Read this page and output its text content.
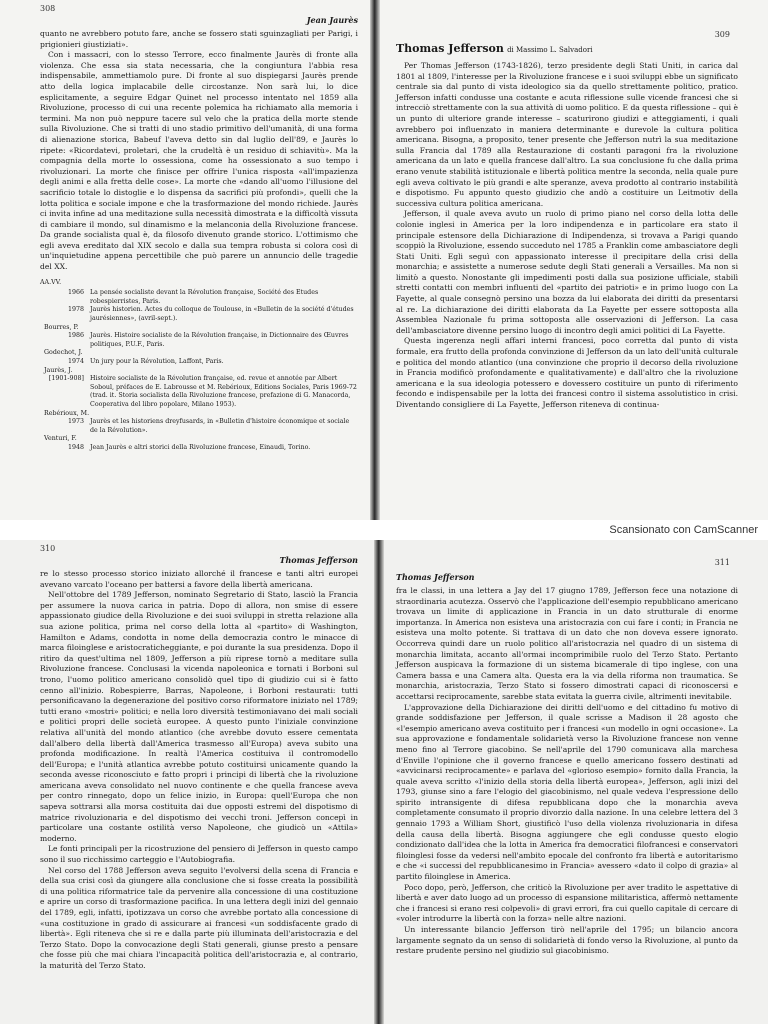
308
Jean Jaurès

quanto ne avrebbero potuto fare, anche se fossero stati sguinzagliati per Parigi, i prigionieri giustiziati».

Con i massacri, con lo stesso Terrore, ecco finalmente Jaurès di fronte alla violenza. Che essa sia stata necessaria, che la congiuntura l'abbia resa indispensabile, ammettiamolo pure. Di fronte al suo dispiegarsi Jaurès prende atto della logica implacabile delle circostanze. Non sarà lui, lo dice esplicitamente, a seguire Edgar Quinet nel processo intentato nel 1859 alla Rivoluzione, processo di cui una recente polemica ha richiamato alla memoria i termini. Ma non può neppure tacere sul velo che la pratica della morte stende sulla Rivoluzione. Che si tratti di uno stadio primitivo dell'umanità, di una forma di alienazione storica, Babeuf l'aveva detto sin dal luglio dell'89, e Jaurès lo ripete: «Ricordatevi, proletari, che la crudeltà è un residuo di schiavitù». Ma la compagnia della morte lo ossessiona, come ha ossessionato a suo tempo i rivoluzionari. La morte che finisce per offrire l'unica risposta «all'impazienza degli animi e alla fretta delle cose». La morte che «dando all'uomo l'illusione del sacrificio totale lo distoglie e lo dispensa da sacrifici più profondi», quelli che la lotta politica e sociale impone e che la trasformazione del mondo richiede. Jaurès ci invita infine ad una meditazione sulla necessità dimostrata e la difficoltà vissuta di cambiare il mondo, sul dinamismo e la melanconia della Rivoluzione francese. Da grande socialista qual è, da filosofo divenuto grande storico. L'ottimismo che egli aveva ereditato dal XIX secolo e dalla sua tempra robusta si colora così di un'inquietudine appena percettibile che può parere un annuncio delle tragedie del XX.

AA.VV.
1966 La pensée socialiste devant la Révolution française, Société des Etudes robespierristes, Paris.
1978 Jaurès historien. Actes du colloque de Toulouse, in «Bulletin de la société d'études jaurésiennes», (avril-sept.).
Bourres, P.
1986 Jaurès. Histoire socialiste de la Révolution française, in Dictionnaire des Œuvres politiques, P.U.F., Paris.
Godechot, J.
1974 Un jury pour la Révolution, Laffont, Paris.
Jaurès, J.
[1901-908] Histoire socialiste de la Révolution française, ed. revue et annotée par Albert Soboul, préfaces de E. Labrousse et M. Rebérioux, Editions Sociales, Paris 1969-72 (trad. it. Storia socialista della Rivoluzione francese, prefazione di G. Manacorda, Cooperativa del libro popolare, Milano 1953).
Rebérioux, M.
1973 Jaurès et les historiens dreyfusards, in «Bulletin d'histoire économique et sociale de la Révolution».
Venturi, F.
1948 Jean Jaurès e altri storici della Rivoluzione francese, Einaudi, Torino.
309
Thomas Jefferson di Massimo L. Salvadori

Per Thomas Jefferson (1743-1826), terzo presidente degli Stati Uniti, in carica dal 1801 al 1809, l'interesse per la Rivoluzione francese e i suoi sviluppi ebbe un significato centrale sia dal punto di vista ideologico sia da quello strettamente politico, pratico. Jefferson infatti condusse una costante e acuta riflessione sulle vicende francesi che si intrecciò strettamente con la sua attività di uomo politico. E da questa riflessione – qui è un punto di ulteriore grande interesse – scaturirono giudizi e atteggiamenti, i quali avrebbero poi influenzato in maniera determinante e durevole la cultura politica americana. Bisogna, a proposito, tener presente che Jefferson nutrì la sua meditazione sulla Francia dal 1789 alla Restaurazione di costanti paragoni fra la rivoluzione americana da un lato e quella francese dall'altro. La sua conclusione fu che dalla prima erano venute stabilità istituzionale e libertà politica mentre la seconda, nella quale pure egli aveva coltivato le più grandi e alte speranze, aveva prodotto al contrario instabilità e dispotismo. Fu appunto questo giudizio che andò a costituire un Leitmotiv della successiva cultura politica americana.

Jefferson, il quale aveva avuto un ruolo di primo piano nel corso della lotta delle colonie inglesi in America per la loro indipendenza e in particolare era stato il principale estensore della Dichiarazione di Indipendenza, si trovava a Parigi quando scoppiò la Rivoluzione, essendo succeduto nel 1785 a Franklin come ambasciatore degli Stati Uniti. Egli seguì con appassionato interesse il precipitare della crisi della monarchia; e assistette a numerose sedute degli Stati generali a Versailles. Ma non si limitò a questo. Nonostante gli impedimenti posti dalla sua posizione ufficiale, stabilì stretti contatti con membri influenti del «partito dei patrioti» e in primo luogo con La Fayette, al quale consegnò persino una bozza da lui elaborata dei diritti da presentarsi al re. La dichiarazione dei diritti elaborata da La Fayette per essere sottoposta alla Assemblea Nazionale fu prima sottoposta alle osservazioni di Jefferson. La casa dell'ambasciatore divenne persino luogo di incontro degli amici politici di La Fayette.

Questa ingerenza negli affari interni francesi, poco corretta dal punto di vista formale, era frutto della profonda convinzione di Jefferson da un lato dell'unità culturale e politica del mondo atlantico (una convinzione che proprio il decorso della rivoluzione in Francia modificò profondamente e qualitativamente) e dall'altro che la rivoluzione americana e la sua ideologia potessero e dovessero costituire un punto di riferimento fecondo e indispensabile per la lotta dei francesi contro il sistema assolutistico in crisi. Diventando consigliere di La Fayette, Jefferson riteneva di continua-

Scansionato con CamScanner
310
Thomas Jefferson

re lo stesso processo storico iniziato allorché il francese e tanti altri europei avevano varcato l'oceano per battersi a favore della libertà americana.

Nell'ottobre del 1789 Jefferson, nominato Segretario di Stato, lasciò la Francia per assumere la nuova carica in patria. Dopo di allora, non smise di essere appassionato giudice della Rivoluzione e dei suoi sviluppi in stretta relazione alla sua azione politica, prima nel corso della lotta al «partito» di Washington, Hamilton e Adams, condotta in nome della democrazia contro le minacce di marca filoinglese e aristocraticheggiante, e poi durante la sua presidenza. Dopo il ritiro da quest'ultima nel 1809, Jefferson a più riprese tornò a meditare sulla Rivoluzione francese. Conclusasi la vicenda napoleonica e tornati i Borboni sul trono, l'uomo politico americano consolidò quel tipo di giudizio cui si è fatto cenno all'inizio. Robespierre, Barras, Napoleone, i Borboni restaurati: tutti personificavano la degenerazione del positivo corso riformatore iniziato nel 1789; tutti erano «mostri» politici; e nella loro diversità testimoniavano dei mali sociali e politici propri delle società europee. A questo punto l'iniziale convinzione relativa all'unità del mondo atlantico (che avrebbe dovuto essere cementata dall'albero della libertà dall'America trasmesso all'Europa) aveva subito una profonda modificazione. In realtà l'America costituiva il contromodello dell'Europa; e l'unità atlantica avrebbe potuto costituirsi unicamente quando la seconda avesse riconosciuto e fatto propri i principi di libertà che la rivoluzione americana aveva consolidato nel nuovo continente e che quella francese aveva per contro rinnegato, dopo un felice inizio, in Europa: quell'Europa che non sapeva sottrarsi alla morsa costituita dai due opposti estremi del dispotismo di matrice rivoluzionaria e del dispotismo dei vecchi troni. Jefferson concepì in particolare una costante ostilità verso Napoleone, che giudicò un «Attila» moderno.

Le fonti principali per la ricostruzione del pensiero di Jefferson in questo campo sono il suo ricchissimo carteggio e l'Autobiografia.

Nel corso del 1788 Jefferson aveva seguito l'evolversi della scena di Francia e della sua crisi così da giungere alla conclusione che si fosse creata la possibilità di una politica riformatrice tale da pervenire alla concessione di una costituzione e aprire un corso di trasformazione pacifica. In una lettera degli inizi del gennaio del 1789, egli, infatti, ipotizzava un corso che avrebbe portato alla concessione di «una costituzione in grado di assicurare ai francesi «un soddisfacente grado di libertà». Egli riteneva che si re e dalla parte più illuminata dell'aristocrazia e del Terzo Stato. Dopo la convocazione degli Stati generali, giunse presto a pensare che fosse più che mai chiara l'incapacità politica dell'aristocrazia e, al contrario, la maturità del Terzo Stato.

311
Thomas Jefferson

fra le classi, in una lettera a Jay del 17 giugno 1789, Jefferson fece una notazione di straordinaria acutezza. Osservò che l'applicazione dell'esempio repubblicano americano trovava un limite di applicazione in Francia in un dato strutturale di enorme importanza. In America non esisteva una aristocrazia con cui fare i conti; in Francia ne esisteva una molto potente. Si trattava di un dato che non doveva essere ignorato. Occorreva quindi dare un ruolo politico all'aristocrazia nel quadro di un sistema di monarchia limitata, accanto all'ormai incomprimibile ruolo del Terzo Stato. Pertanto Jefferson auspicava la formazione di un sistema bicamerale di tipo inglese, con una Camera bassa e una Camera alta. Questa era la via della riforma non traumatica. Se monarchia, aristocrazia, Terzo Stato si fossero dimostrati capaci di riconoscersi e accettarsi reciprocamente, sarebbe stata evitata la guerra civile, altrimenti inevitabile.

L'approvazione della Dichiarazione dei diritti dell'uomo e del cittadino fu motivo di grande soddisfazione per Jefferson, il quale scrisse a Madison il 28 agosto che «l'esempio americano aveva costituito per i francesi «un modello in ogni occasione». La sua approvazione e fondamentale solidarietà verso la Rivoluzione francese non venne meno fino al Terrore giacobino. Se nell'aprile del 1790 comunicava alla marchesa d'Enville l'opinione che il governo francese e quello americano fossero destinati ad «avvicinarsi reciprocamente» e parlava del «glorioso esempio» fornito dalla Francia, la quale aveva scritto «l'inizio della storia della libertà europea», Jefferson, agli inizi del 1793, giunse sino a fare l'elogio del giacobinismo, nel quale vedeva l'espressione dello spirito intransigente di difesa repubblicana dopo che la monarchia aveva completamente consumato il proprio divorzio dalla nazione. In una celebre lettera del 3 gennaio 1793 a William Short, giustificò l'uso della violenza rivoluzionaria in difesa della causa della libertà. Bisogna aggiungere che egli condusse questo elogio condizionato dall'idea che la lotta in America fra democratici filofrancesi e conservatori filoinglesi fosse da vedersi nell'ambito epocale del confronto fra libertà e autoritarismo e che «i successi del repubblicanesimo in Francia» avessero «dato il colpo di grazia» al partito filoinglese in America.

Poco dopo, però, Jefferson, che criticò la Rivoluzione per aver tradito le aspettative di libertà e aver dato luogo ad un processo di espansione militaristica, affermò nettamente che i francesi si erano resi colpevoli» di gravi errori, fra cui quello capitale di cercare di «voler introdurre la libertà con la forza» nelle altre nazioni.

Un interessante bilancio Jefferson tirò nell'aprile del 1795; un bilancio ancora largamente segnato da un senso di solidarietà di fondo verso la Rivoluzione, al punto da restare prudente persino nel giudizio sul giacobinismo.
